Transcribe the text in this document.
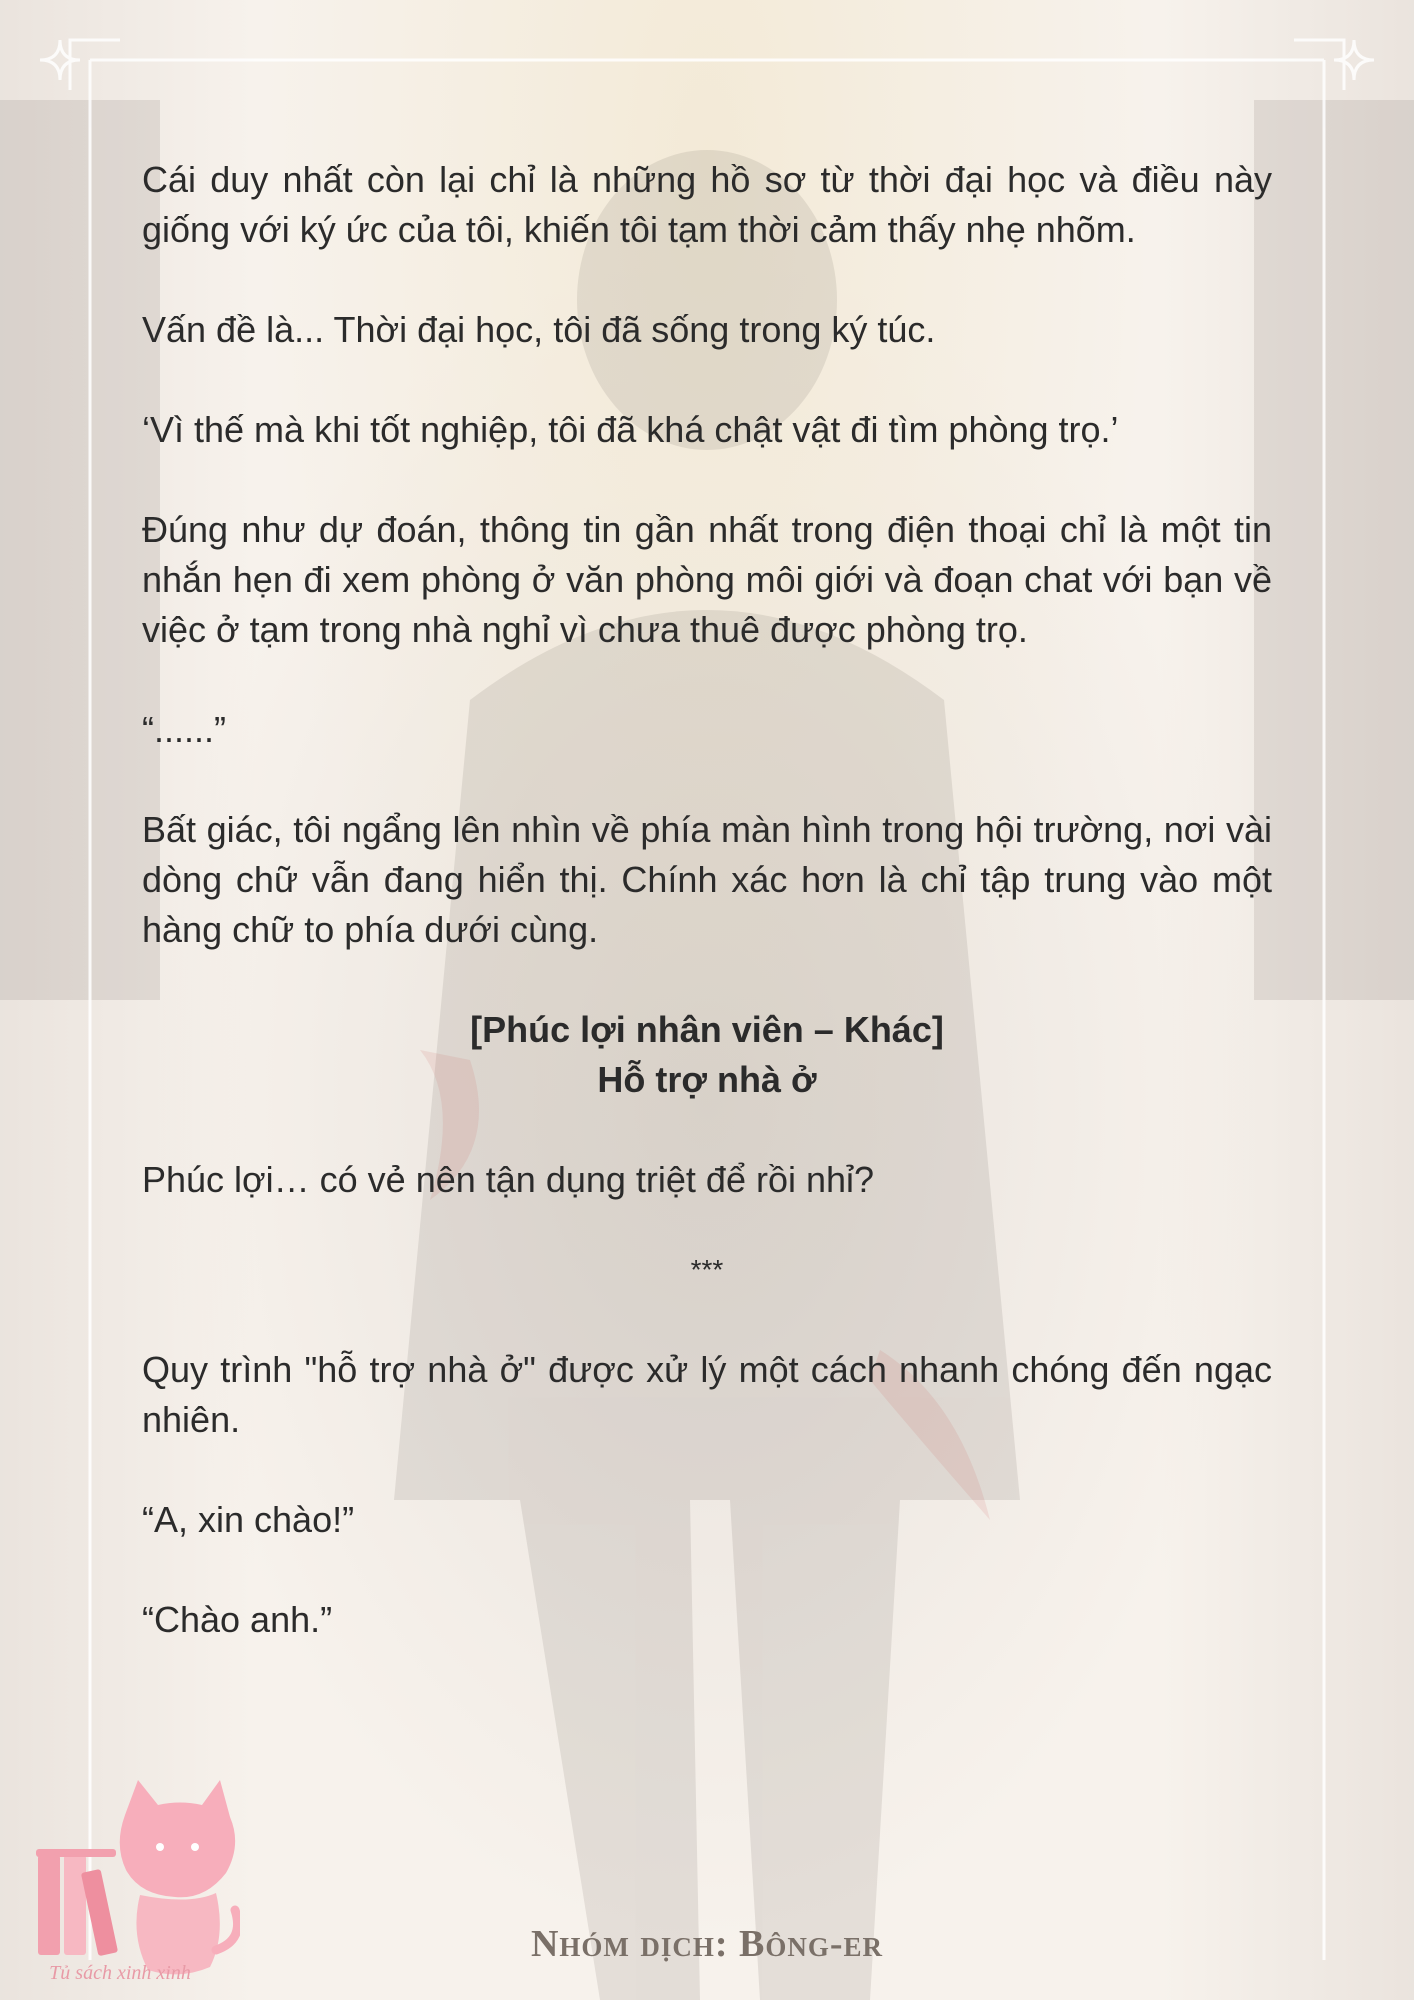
Cái duy nhất còn lại chỉ là những hồ sơ từ thời đại học và điều này giống với ký ức của tôi, khiến tôi tạm thời cảm thấy nhẹ nhõm.

Vấn đề là... Thời đại học, tôi đã sống trong ký túc.

‘Vì thế mà khi tốt nghiệp, tôi đã khá chật vật đi tìm phòng trọ.’

Đúng như dự đoán, thông tin gần nhất trong điện thoại chỉ là một tin nhắn hẹn đi xem phòng ở văn phòng môi giới và đoạn chat với bạn về việc ở tạm trong nhà nghỉ vì chưa thuê được phòng trọ.

“......”

Bất giác, tôi ngẩng lên nhìn về phía màn hình trong hội trường, nơi vài dòng chữ vẫn đang hiển thị. Chính xác hơn là chỉ tập trung vào một hàng chữ to phía dưới cùng.

[Phúc lợi nhân viên – Khác]
Hỗ trợ nhà ở

Phúc lợi… có vẻ nên tận dụng triệt để rồi nhỉ?

***

Quy trình "hỗ trợ nhà ở" được xử lý một cách nhanh chóng đến ngạc nhiên.

“A, xin chào!”

“Chào anh.”

Tủ sách xinh xinh
Nhóm dịch: Bông-er
